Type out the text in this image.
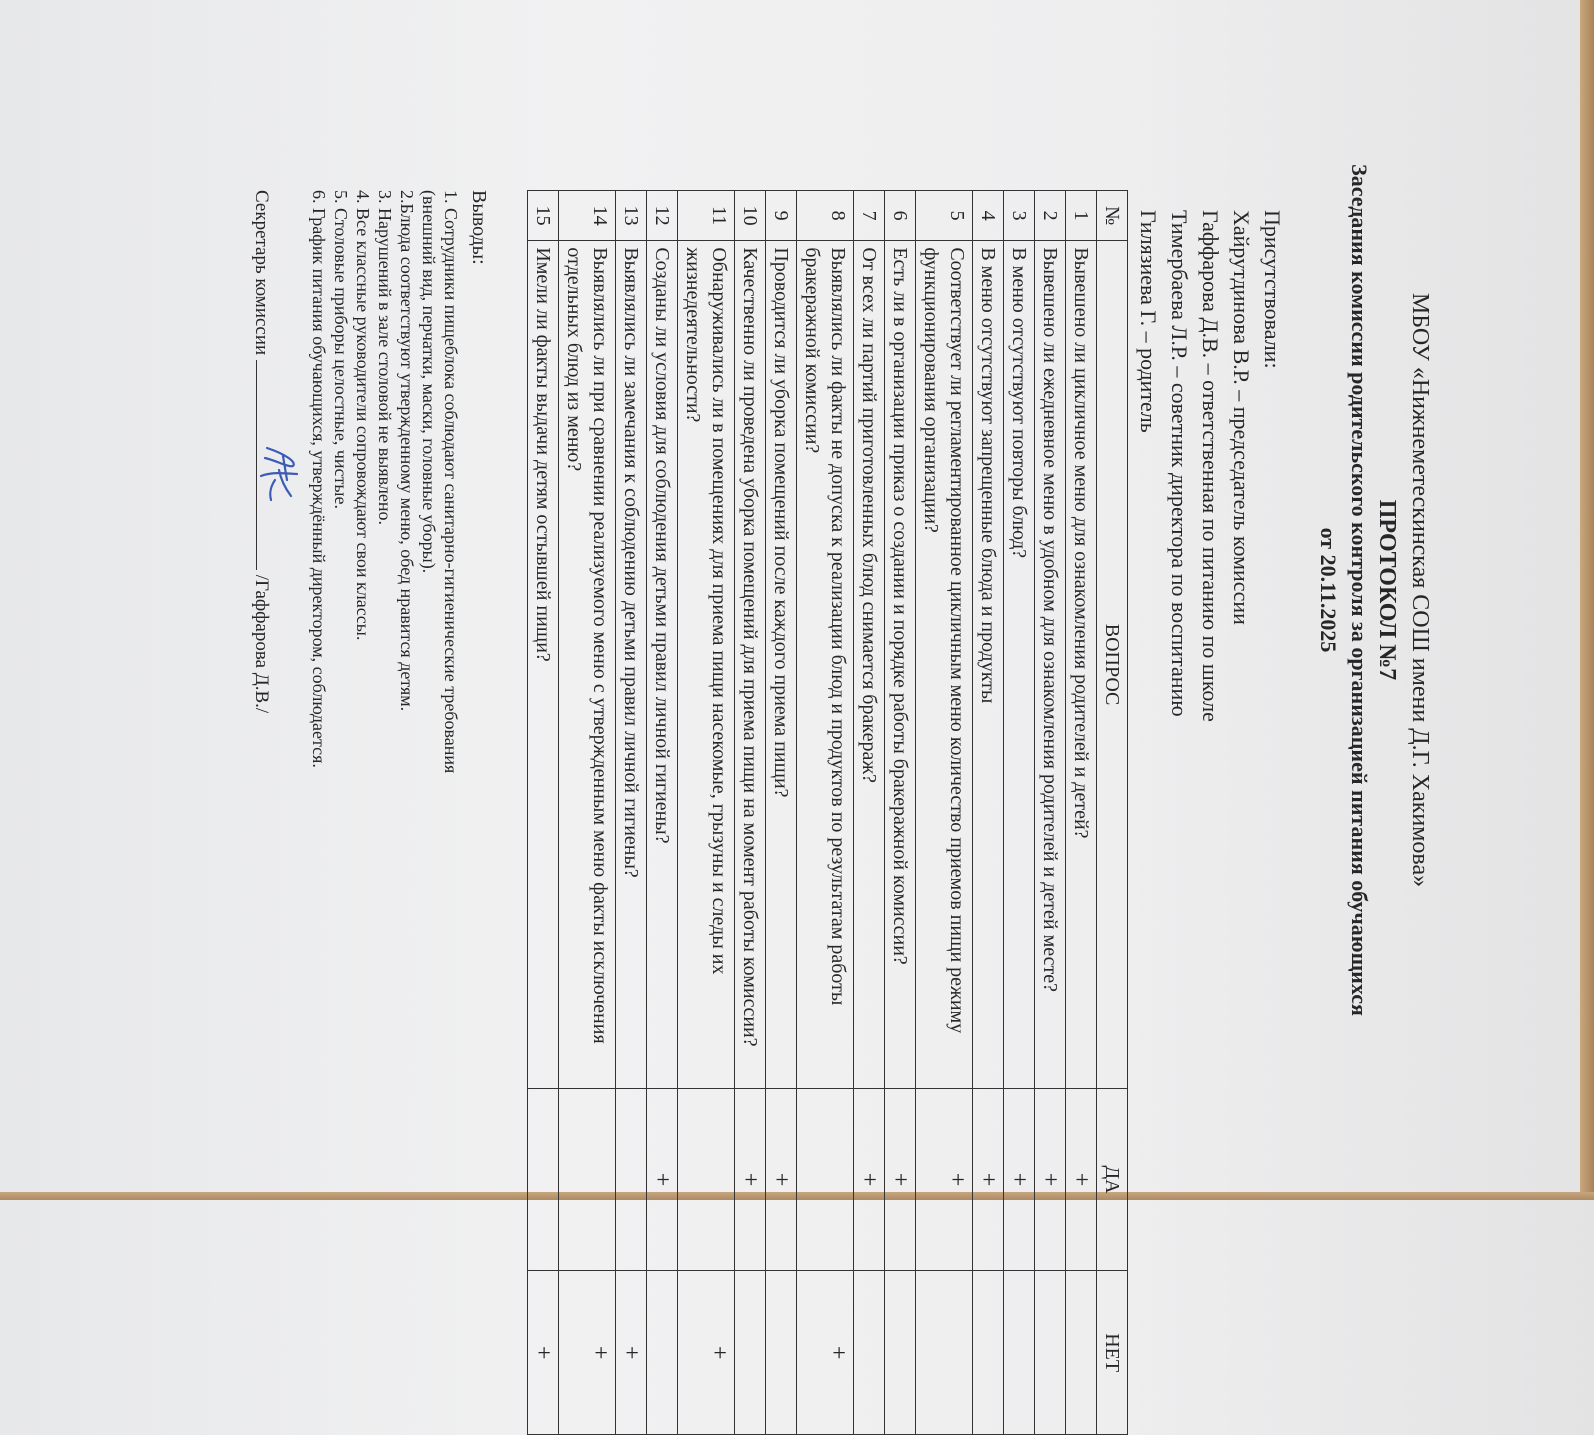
МБОУ «Нижнеметескинская СОШ имени Д.Г. Хакимова»
ПРОТОКОЛ №7
Заседания комиссии родительского контроля за организацией питания обучающихся
от 20.11.2025
Присутствовали:
Хайрутдинова В.Р. – председатель комиссии
Гаффарова Д.В. – ответственная по питанию по школе
Тимербаева Л.Р. – советник директора по воспитанию
Гилязиева Г. – родитель
№	ВОПРОС	ДА	НЕТ
1	Вывешено ли цикличное меню для ознакомления родителей и детей?	+	
2	Вывешено ли ежедневное меню в удобном для ознакомления родителей и детей месте?	+	
3	В меню отсутствуют повторы блюд?	+	
4	В меню отсутствуют запрещенные блюда и продукты	+	
5	Соответствует ли регламентированное цикличным меню количество приемов пищи режиму функционирования организации?	+	
6	Есть ли в организации приказ о создании и порядке работы бракеражной комиссии?	+	
7	От всех ли партий приготовленных блюд снимается бракераж?	+	
8	Выявлялись ли факты не допуска к реализации блюд и продуктов по результатам работы бракеражной комиссии?		+
9	Проводится ли уборка помещений после каждого приема пищи?	+	
10	Качественно ли проведена уборка помещений для приема пищи на момент работы комиссии?	+	
11	Обнаруживались ли в помещениях для приема пищи насекомые, грызуны и следы их жизнедеятельности?		+
12	Созданы ли условия для соблюдения детьми правил личной гигиены?	+	
13	Выявлялись ли замечания к соблюдению детьми правил личной гигиены?		+
14	Выявлялись ли при сравнении реализуемого меню с утвержденным меню факты исключения отдельных блюд из меню?		+
15	Имели ли факты выдачи детям остывшей пищи?		+
Выводы:
1. Сотрудники пищеблока соблюдают санитарно-гигиенические требования
(внешний вид, перчатки, маски, головные уборы).
2.Блюда соответствуют утвержденному меню, обед нравится детям.
3. Нарушений в зале столовой не выявлено.
4. Все классные руководители сопровождают свои классы.
5. Столовые приборы целостные, чистые.
6. График питания обучающихся, утверждённый директором, соблюдается.
Секретарь комиссии
/Гаффарова Д.В./
